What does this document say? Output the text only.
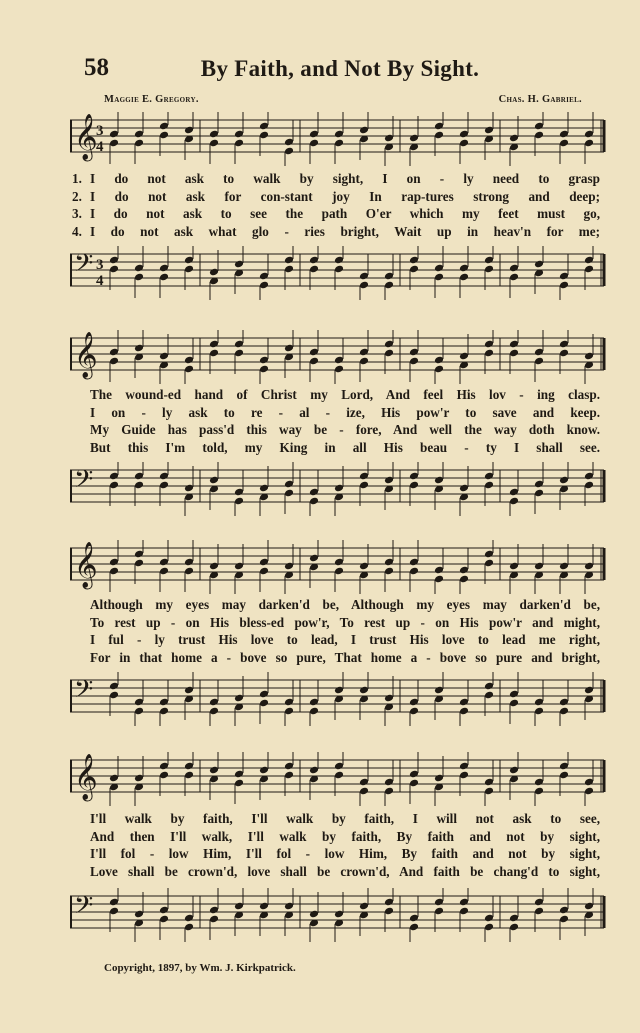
58	By Faith, and Not By Sight.
Maggie E. Gregory.	Chas. H. Gabriel.
𝄞
3
4
1. I do not ask to walk by sight, I on - ly need to grasp
2. I do not ask for con-stant joy In rap-tures strong and deep;
3. I do not ask to see the path O'er which my feet must go,
4. I do not ask what glo - ries bright, Wait up in heav'n for me;
𝄢 3
4
𝄞
The wound-ed hand of Christ my Lord, And feel His lov - ing clasp.
I on - ly ask to re - al - ize, His pow'r to save and keep.
My Guide has pass'd this way be - fore, And well the way doth know.
But this I'm told, my King in all His beau - ty I shall see.
𝄢
𝄞
Although my eyes may darken'd be, Although my eyes may darken'd be,
To rest up - on His bless-ed pow'r, To rest up - on His pow'r and might,
I ful - ly trust His love to lead, I trust His love to lead me right,
For in that home a - bove so pure, That home a - bove so pure and bright,
𝄢
𝄞
I'll walk by faith, I'll walk by faith, I will not ask to see,
And then I'll walk, I'll walk by faith, By faith and not by sight,
I'll fol - low Him, I'll fol - low Him, By faith and not by sight,
Love shall be crown'd, love shall be crown'd, And faith be chang'd to sight,
𝄢
Copyright, 1897, by Wm. J. Kirkpatrick.
